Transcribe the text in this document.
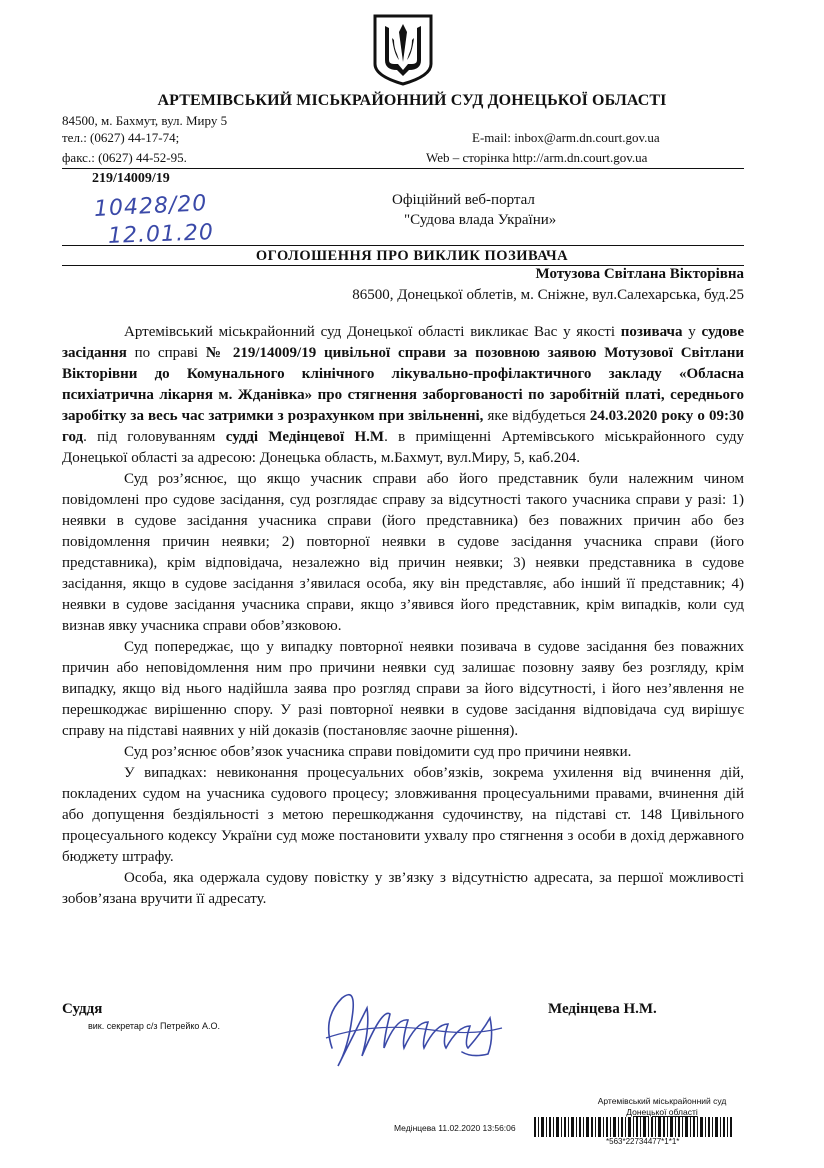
АРТЕМІВСЬКИЙ МІСЬКРАЙОННИЙ СУД ДОНЕЦЬКОЇ ОБЛАСТІ
84500, м. Бахмут, вул. Миру 5
тел.: (0627) 44-17-74;
факс.: (0627) 44-52-95.
E-mail: inbox@arm.dn.court.gov.ua
Web – сторінка http://arm.dn.court.gov.ua
219/14009/19
10428/20
12.01.20
Офіційний веб-портал
"Судова влада України»
ОГОЛОШЕННЯ ПРО ВИКЛИК ПОЗИВАЧА
Мотузова Світлана Вікторівна
86500, Донецької облетів, м. Сніжне, вул.Салехарська, буд.25

Артемівський міськрайонний суд Донецької області викликає Вас у якості позивача у судове засідання по справі № 219/14009/19 цивільної справи за позовною заявою Мотузової Світлани Вікторівни до Комунального клінічного лікувально-профілактичного закладу «Обласна психіатрична лікарня м. Жданівка» про стягнення заборгованості по заробітній платі, середнього заробітку за весь час затримки з розрахунком при звільненні, яке відбудеться 24.03.2020 року о 09:30 год. під головуванням судді Медінцевої Н.М. в приміщенні Артемівського міськрайонного суду Донецької області за адресою: Донецька область, м.Бахмут, вул.Миру, 5, каб.204.

Суд роз’яснює, що якщо учасник справи або його представник були належним чином повідомлені про судове засідання, суд розглядає справу за відсутності такого учасника справи у разі: 1) неявки в судове засідання учасника справи (його представника) без поважних причин або без повідомлення причин неявки; 2) повторної неявки в судове засідання учасника справи (його представника), крім відповідача, незалежно від причин неявки; 3) неявки представника в судове засідання, якщо в судове засідання з’явилася особа, яку він представляє, або інший її представник; 4) неявки в судове засідання учасника справи, якщо з’явився його представник, крім випадків, коли суд визнав явку учасника справи обов’язковою.

Суд попереджає, що у випадку повторної неявки позивача в судове засідання без поважних причин або неповідомлення ним про причини неявки суд залишає позовну заяву без розгляду, крім випадку, якщо від нього надійшла заява про розгляд справи за його відсутності, і його нез’явлення не перешкоджає вирішенню спору. У разі повторної неявки в судове засідання відповідача суд вирішує справу на підставі наявних у ній доказів (постановляє заочне рішення).

Суд роз’яснює обов’язок учасника справи повідомити суд про причини неявки.

У випадках: невиконання процесуальних обов’язків, зокрема ухилення від вчинення дій, покладених судом на учасника судового процесу; зловживання процесуальними правами, вчинення дій або допущення бездіяльності з метою перешкоджання судочинству, на підставі ст. 148 Цивільного процесуального кодексу України суд може постановити ухвалу про стягнення з особи в дохід державного бюджету штрафу.

Особа, яка одержала судову повістку у зв’язку з відсутністю адресата, за першої можливості зобов’язана вручити її адресату.

Суддя
вик. секретар с/з Петрейко А.О.
Медінцева Н.М.
Артемівський міськрайонний суд
Донецької області
Медінцева 11.02.2020 13:56:06
*563*22734477*1*1*
